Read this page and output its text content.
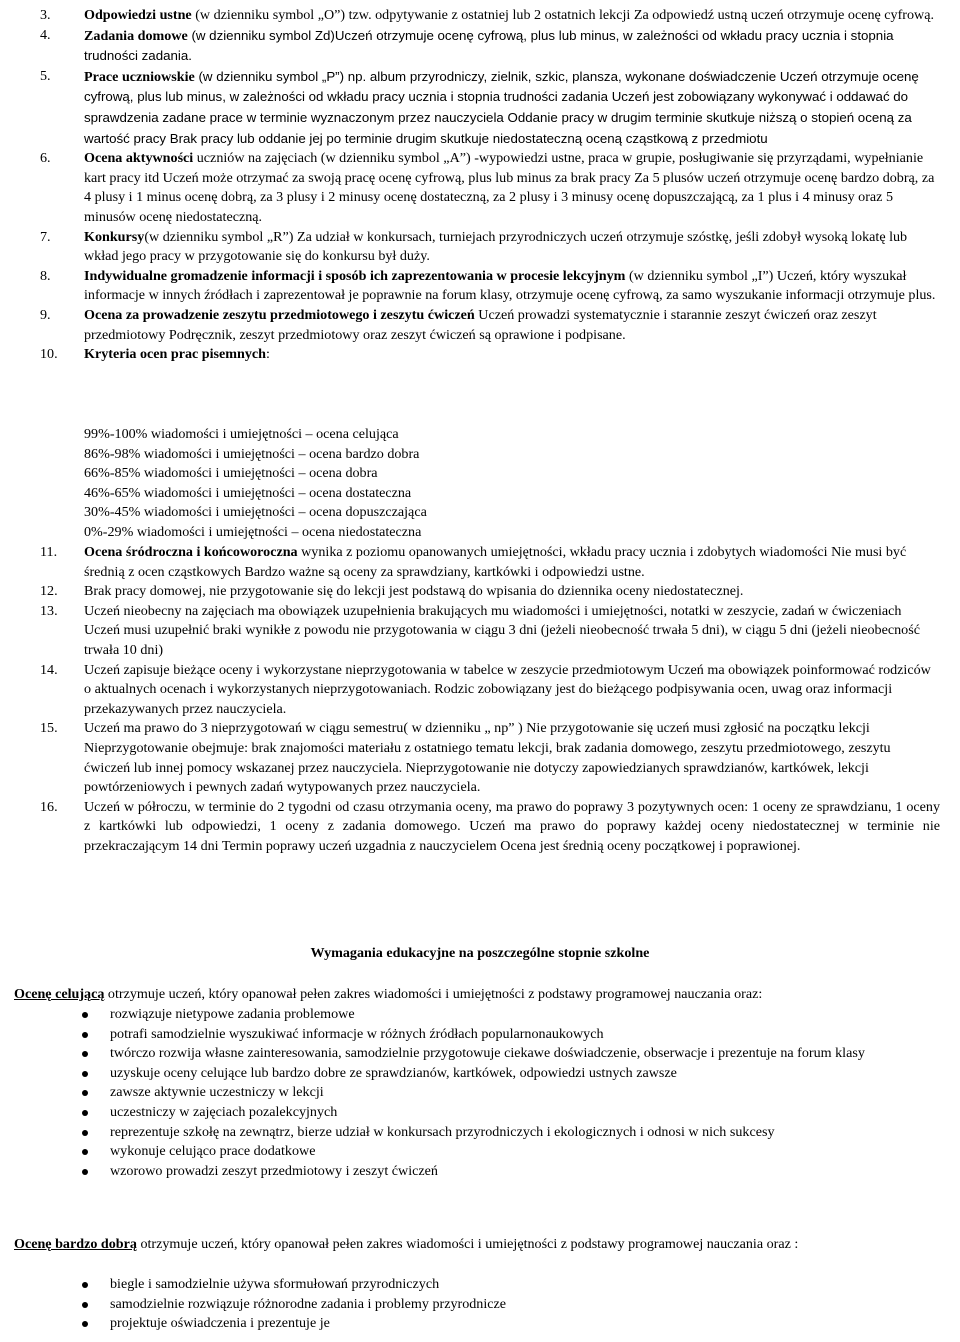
3.	Odpowiedzi ustne (w dzienniku symbol „O”) tzw. odpytywanie z ostatniej lub 2 ostatnich lekcji Za odpowiedź ustną uczeń otrzymuje ocenę cyfrową.
4.	Zadania domowe (w dzienniku symbol Zd)Uczeń otrzymuje ocenę cyfrową, plus lub minus, w zależności od wkładu pracy ucznia i stopnia trudności zadania.
5.	Prace uczniowskie (w dzienniku symbol „P”) np. album przyrodniczy, zielnik, szkic, plansza, wykonane doświadczenie Uczeń otrzymuje ocenę cyfrową, plus lub minus, w zależności od wkładu pracy ucznia i stopnia trudności zadania Uczeń jest zobowiązany wykonywać i oddawać do sprawdzenia zadane prace w terminie wyznaczonym przez nauczyciela Oddanie pracy w drugim terminie skutkuje niższą o stopień oceną za wartość pracy Brak pracy lub oddanie jej po terminie drugim skutkuje niedostateczną oceną cząstkową z przedmiotu
6.	Ocena aktywności uczniów na zajęciach (w dzienniku symbol „A”) -wypowiedzi ustne, praca w grupie, posługiwanie się przyrządami, wypełnianie kart pracy itd Uczeń może otrzymać za swoją pracę ocenę cyfrową, plus lub minus za brak pracy Za 5 plusów uczeń otrzymuje ocenę bardzo dobrą, za 4 plusy i 1 minus ocenę dobrą, za 3 plusy i 2 minusy ocenę dostateczną, za 2 plusy i 3 minusy ocenę dopuszczającą, za 1 plus i 4 minusy oraz 5 minusów ocenę niedostateczną.
7.	Konkursy(w dzienniku symbol „R”) Za udział w konkursach, turniejach przyrodniczych uczeń otrzymuje szóstkę, jeśli zdobył wysoką lokatę lub wkład jego pracy w przygotowanie się do konkursu był duży.
8.	Indywidualne gromadzenie informacji i sposób ich zaprezentowania w procesie lekcyjnym (w dzienniku symbol „I”) Uczeń, który wyszukał informacje w innych źródłach i zaprezentował je poprawnie na forum klasy, otrzymuje ocenę cyfrową, za samo wyszukanie informacji otrzymuje plus.
9.	Ocena za prowadzenie zeszytu przedmiotowego i zeszytu ćwiczeń Uczeń prowadzi systematycznie i starannie zeszyt ćwiczeń oraz zeszyt przedmiotowy Podręcznik, zeszyt przedmiotowy oraz zeszyt ćwiczeń są oprawione i podpisane.
10.	Kryteria ocen prac pisemnych:
99%-100% wiadomości i umiejętności – ocena celująca
86%-98% wiadomości i umiejętności – ocena bardzo dobra
66%-85% wiadomości i umiejętności – ocena dobra
46%-65% wiadomości i umiejętności – ocena dostateczna
30%-45% wiadomości i umiejętności – ocena dopuszczająca
0%-29% wiadomości i umiejętności – ocena niedostateczna
11.	Ocena śródroczna i końcoworoczna wynika z poziomu opanowanych umiejętności, wkładu pracy ucznia i zdobytych wiadomości Nie musi być średnią z ocen cząstkowych Bardzo ważne są oceny za sprawdziany, kartkówki i odpowiedzi ustne.
12.	Brak pracy domowej, nie przygotowanie się do lekcji jest podstawą do wpisania do dziennika oceny niedostatecznej.
13.	Uczeń nieobecny na zajęciach ma obowiązek uzupełnienia brakujących mu wiadomości i umiejętności, notatki w zeszycie, zadań w ćwiczeniach Uczeń musi uzupełnić braki wynikłe z powodu nie przygotowania w ciągu 3 dni (jeżeli nieobecność trwała 5 dni), w ciągu 5 dni (jeżeli nieobecność trwała 10 dni)
14.	Uczeń zapisuje bieżące oceny i wykorzystane nieprzygotowania w tabelce w zeszycie przedmiotowym Uczeń ma obowiązek poinformować rodziców o aktualnych ocenach i wykorzystanych nieprzygotowaniach. Rodzic zobowiązany jest do bieżącego podpisywania ocen, uwag oraz informacji przekazywanych przez nauczyciela.
15.	Uczeń ma prawo do 3 nieprzygotowań w ciągu semestru( w dzienniku „ np” ) Nie przygotowanie się uczeń musi zgłosić na początku lekcji Nieprzygotowanie obejmuje: brak znajomości materiału z ostatniego tematu lekcji, brak zadania domowego, zeszytu przedmiotowego, zeszytu ćwiczeń lub innej pomocy wskazanej przez nauczyciela. Nieprzygotowanie nie dotyczy zapowiedzianych sprawdzianów, kartkówek, lekcji powtórzeniowych i pewnych zadań wytypowanych przez nauczyciela.
16.	Uczeń w półroczu, w terminie do 2 tygodni od czasu otrzymania oceny, ma prawo do poprawy 3 pozytywnych ocen: 1 oceny ze sprawdzianu, 1 oceny z kartkówki lub odpowiedzi, 1 oceny z zadania domowego. Uczeń ma prawo do poprawy każdej oceny niedostatecznej w terminie nie przekraczającym 14 dni Termin poprawy uczeń uzgadnia z nauczycielem Ocena jest średnią oceny początkowej i poprawionej.
Wymagania edukacyjne na poszczególne stopnie szkolne
Ocenę celującą otrzymuje uczeń, który opanował pełen zakres wiadomości i umiejętności z podstawy programowej nauczania oraz:
rozwiązuje nietypowe zadania problemowe
potrafi samodzielnie wyszukiwać informacje w różnych źródłach popularnonaukowych
twórczo rozwija własne zainteresowania, samodzielnie przygotowuje ciekawe doświadczenie, obserwacje i prezentuje na forum klasy
uzyskuje oceny celujące lub bardzo dobre ze sprawdzianów, kartkówek, odpowiedzi ustnych zawsze
zawsze aktywnie uczestniczy w lekcji
uczestniczy w zajęciach pozalekcyjnych
reprezentuje szkołę na zewnątrz, bierze udział w konkursach przyrodniczych i ekologicznych i odnosi w nich sukcesy
wykonuje celująco prace dodatkowe
wzorowo prowadzi zeszyt przedmiotowy i zeszyt ćwiczeń
Ocenę bardzo dobrą otrzymuje uczeń, który opanował pełen zakres wiadomości i umiejętności z podstawy programowej nauczania oraz :
biegle i samodzielnie używa sformułowań przyrodniczych
samodzielnie rozwiązuje różnorodne zadania i problemy przyrodnicze
projektuje oświadczenia i prezentuje je
